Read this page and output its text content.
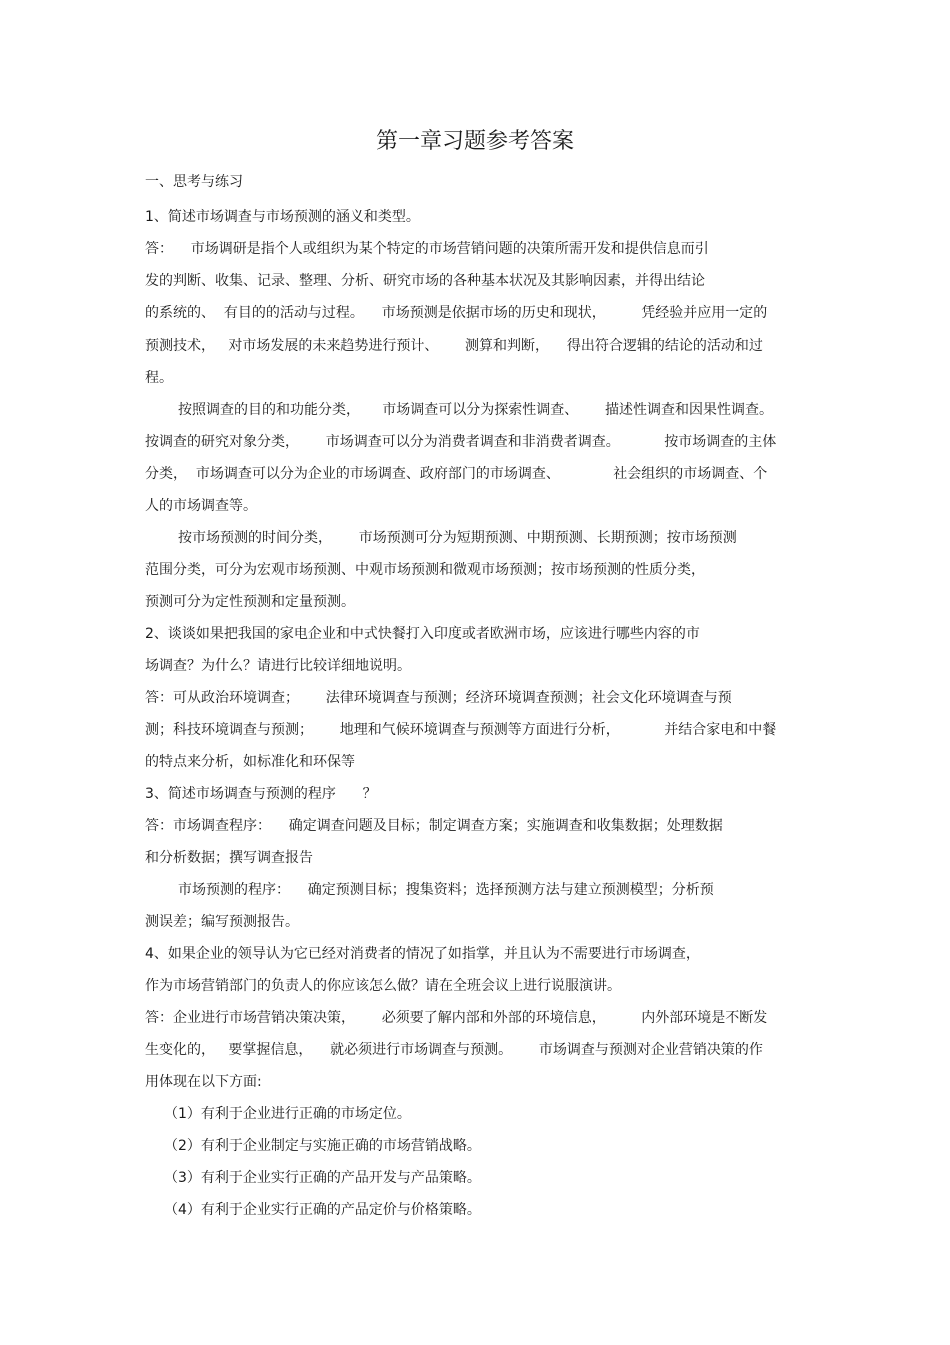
第一章习题参考答案
一、思考与练习
1、简述市场调查与市场预测的涵义和类型。
答：    市场调研是指个人或组织为某个特定的市场营销问题的决策所需开发和提供信息而引
发的判断、收集、记录、整理、分析、研究市场的各种基本状况及其影响因素，并得出结论
的系统的、  有目的的活动与过程。    市场预测是依据市场的历史和现状，        凭经验并应用一定的
预测技术，   对市场发展的未来趋势进行预计、      测算和判断，    得出符合逻辑的结论的活动和过
程。
按照调查的目的和功能分类，     市场调查可以分为探索性调查、      描述性调查和因果性调查。
按调查的研究对象分类，      市场调查可以分为消费者调查和非消费者调查。          按市场调查的主体
分类，  市场调查可以分为企业的市场调查、政府部门的市场调查、            社会组织的市场调查、个
人的市场调查等。
按市场预测的时间分类，      市场预测可分为短期预测、中期预测、长期预测；按市场预测
范围分类，可分为宏观市场预测、中观市场预测和微观市场预测；按市场预测的性质分类，
预测可分为定性预测和定量预测。
2、谈谈如果把我国的家电企业和中式快餐打入印度或者欧洲市场，应该进行哪些内容的市
场调查？为什么？请进行比较详细地说明。
答：可从政治环境调查；      法律环境调查与预测；经济环境调查预测；社会文化环境调查与预
测；科技环境调查与预测；      地理和气候环境调查与预测等方面进行分析，          并结合家电和中餐
的特点来分析，如标准化和环保等
3、简述市场调查与预测的程序      ？
答：市场调查程序：    确定调查问题及目标；制定调查方案；实施调查和收集数据；处理数据
和分析数据；撰写调查报告
市场预测的程序：    确定预测目标；搜集资料；选择预测方法与建立预测模型；分析预
测误差；编写预测报告。
4、如果企业的领导认为它已经对消费者的情况了如指掌，并且认为不需要进行市场调查，
作为市场营销部门的负责人的你应该怎么做？请在全班会议上进行说服演讲。
答：企业进行市场营销决策决策，      必须要了解内部和外部的环境信息，        内外部环境是不断发
生变化的，   要掌握信息，    就必须进行市场调查与预测。      市场调查与预测对企业营销决策的作
用体现在以下方面:
（1）有利于企业进行正确的市场定位。
（2）有利于企业制定与实施正确的市场营销战略。
（3）有利于企业实行正确的产品开发与产品策略。
（4）有利于企业实行正确的产品定价与价格策略。
